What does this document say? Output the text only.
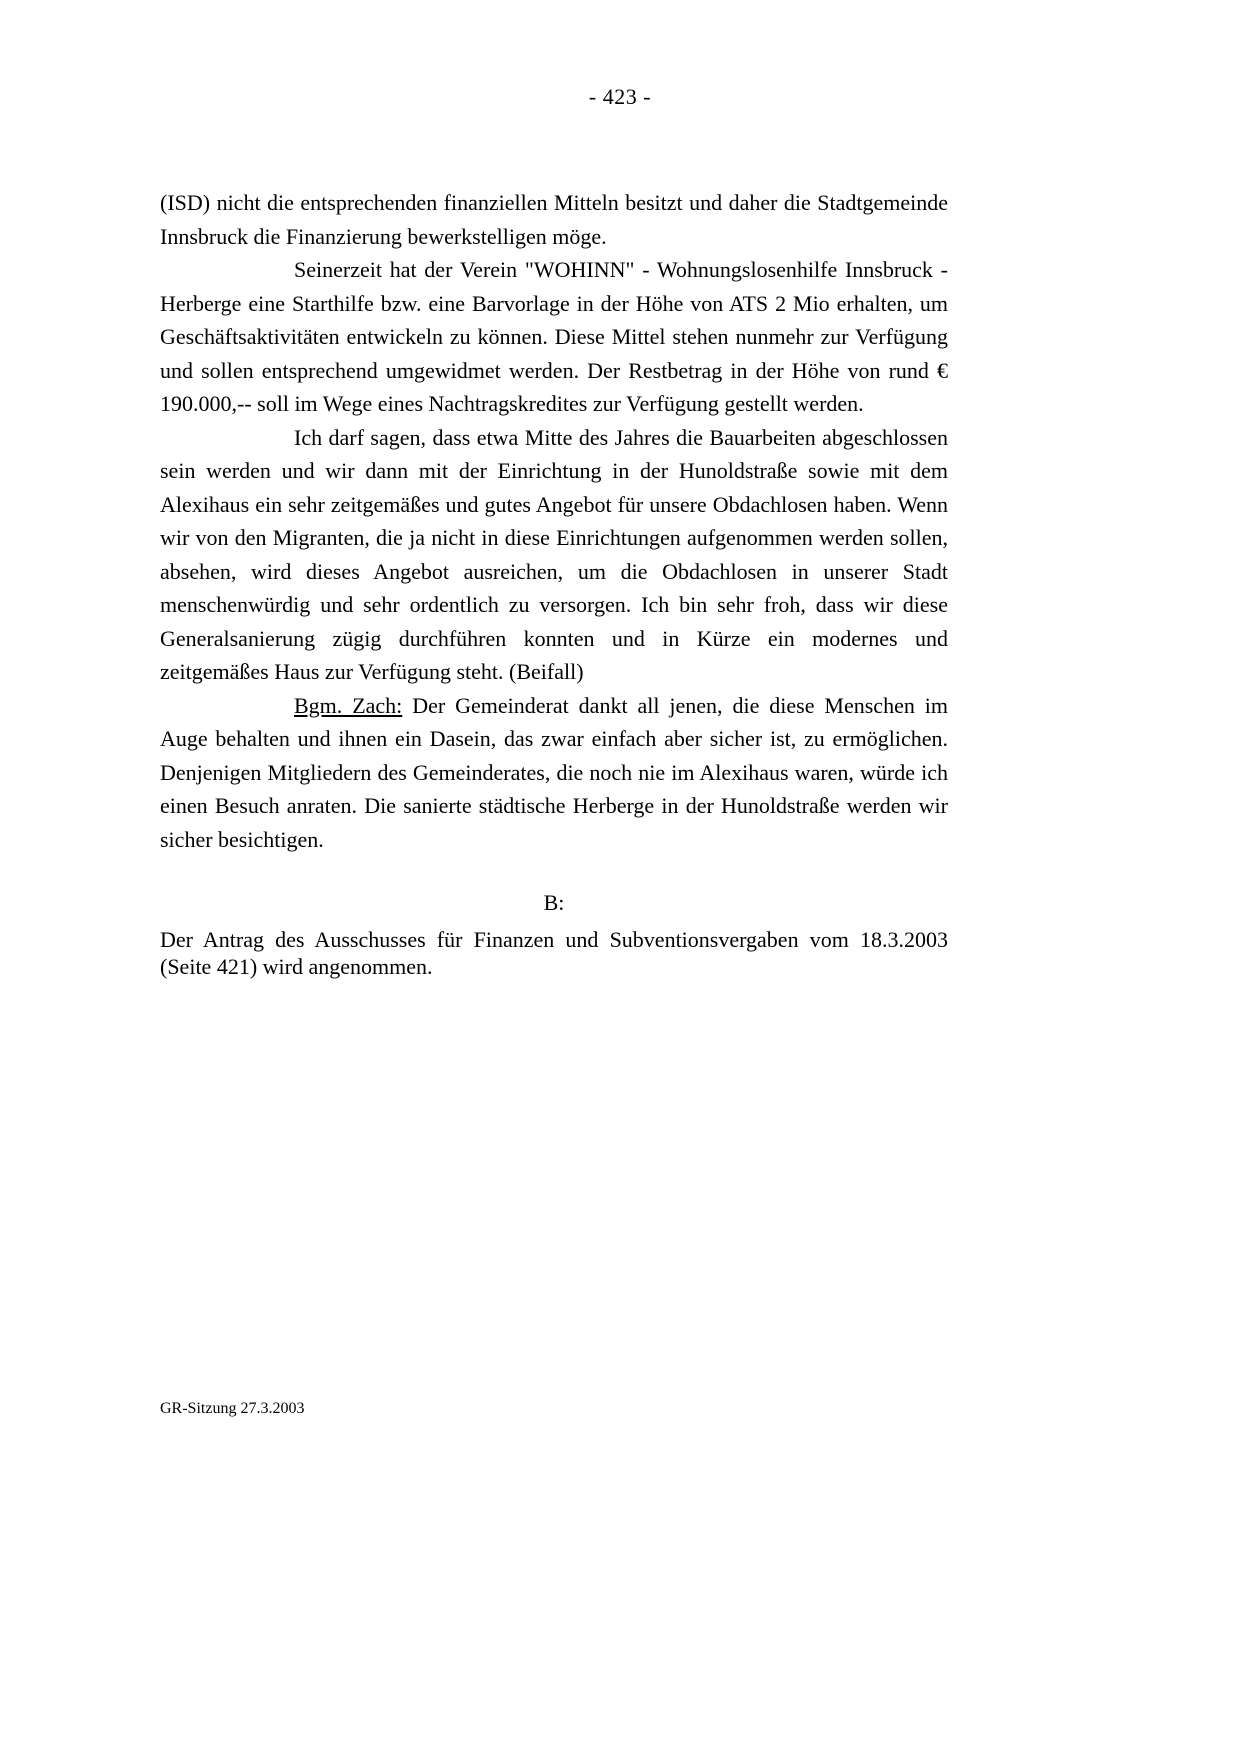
- 423 -

(ISD) nicht die entsprechenden finanziellen Mitteln besitzt und daher die Stadtgemeinde Innsbruck die Finanzierung bewerkstelligen möge.

Seinerzeit hat der Verein "WOHINN" - Wohnungslosenhilfe Innsbruck - Herberge eine Starthilfe bzw. eine Barvorlage in der Höhe von ATS 2 Mio erhalten, um Geschäftsaktivitäten entwickeln zu können. Diese Mittel stehen nunmehr zur Verfügung und sollen entsprechend umgewidmet werden. Der Restbetrag in der Höhe von rund € 190.000,-- soll im Wege eines Nachtragskredites zur Verfügung gestellt werden.

Ich darf sagen, dass etwa Mitte des Jahres die Bauarbeiten abgeschlossen sein werden und wir dann mit der Einrichtung in der Hunoldstraße sowie mit dem Alexihaus ein sehr zeitgemäßes und gutes Angebot für unsere Obdachlosen haben. Wenn wir von den Migranten, die ja nicht in diese Einrichtungen aufgenommen werden sollen, absehen, wird dieses Angebot ausreichen, um die Obdachlosen in unserer Stadt menschenwürdig und sehr ordentlich zu versorgen. Ich bin sehr froh, dass wir diese Generalsanierung zügig durchführen konnten und in Kürze ein modernes und zeitgemäßes Haus zur Verfügung steht. (Beifall)

Bgm. Zach: Der Gemeinderat dankt all jenen, die diese Menschen im Auge behalten und ihnen ein Dasein, das zwar einfach aber sicher ist, zu ermöglichen. Denjenigen Mitgliedern des Gemeinderates, die noch nie im Alexihaus waren, würde ich einen Besuch anraten. Die sanierte städtische Herberge in der Hunoldstraße werden wir sicher besichtigen.

B:

Der Antrag des Ausschusses für Finanzen und Subventionsvergaben vom 18.3.2003 (Seite 421) wird angenommen.

GR-Sitzung 27.3.2003
